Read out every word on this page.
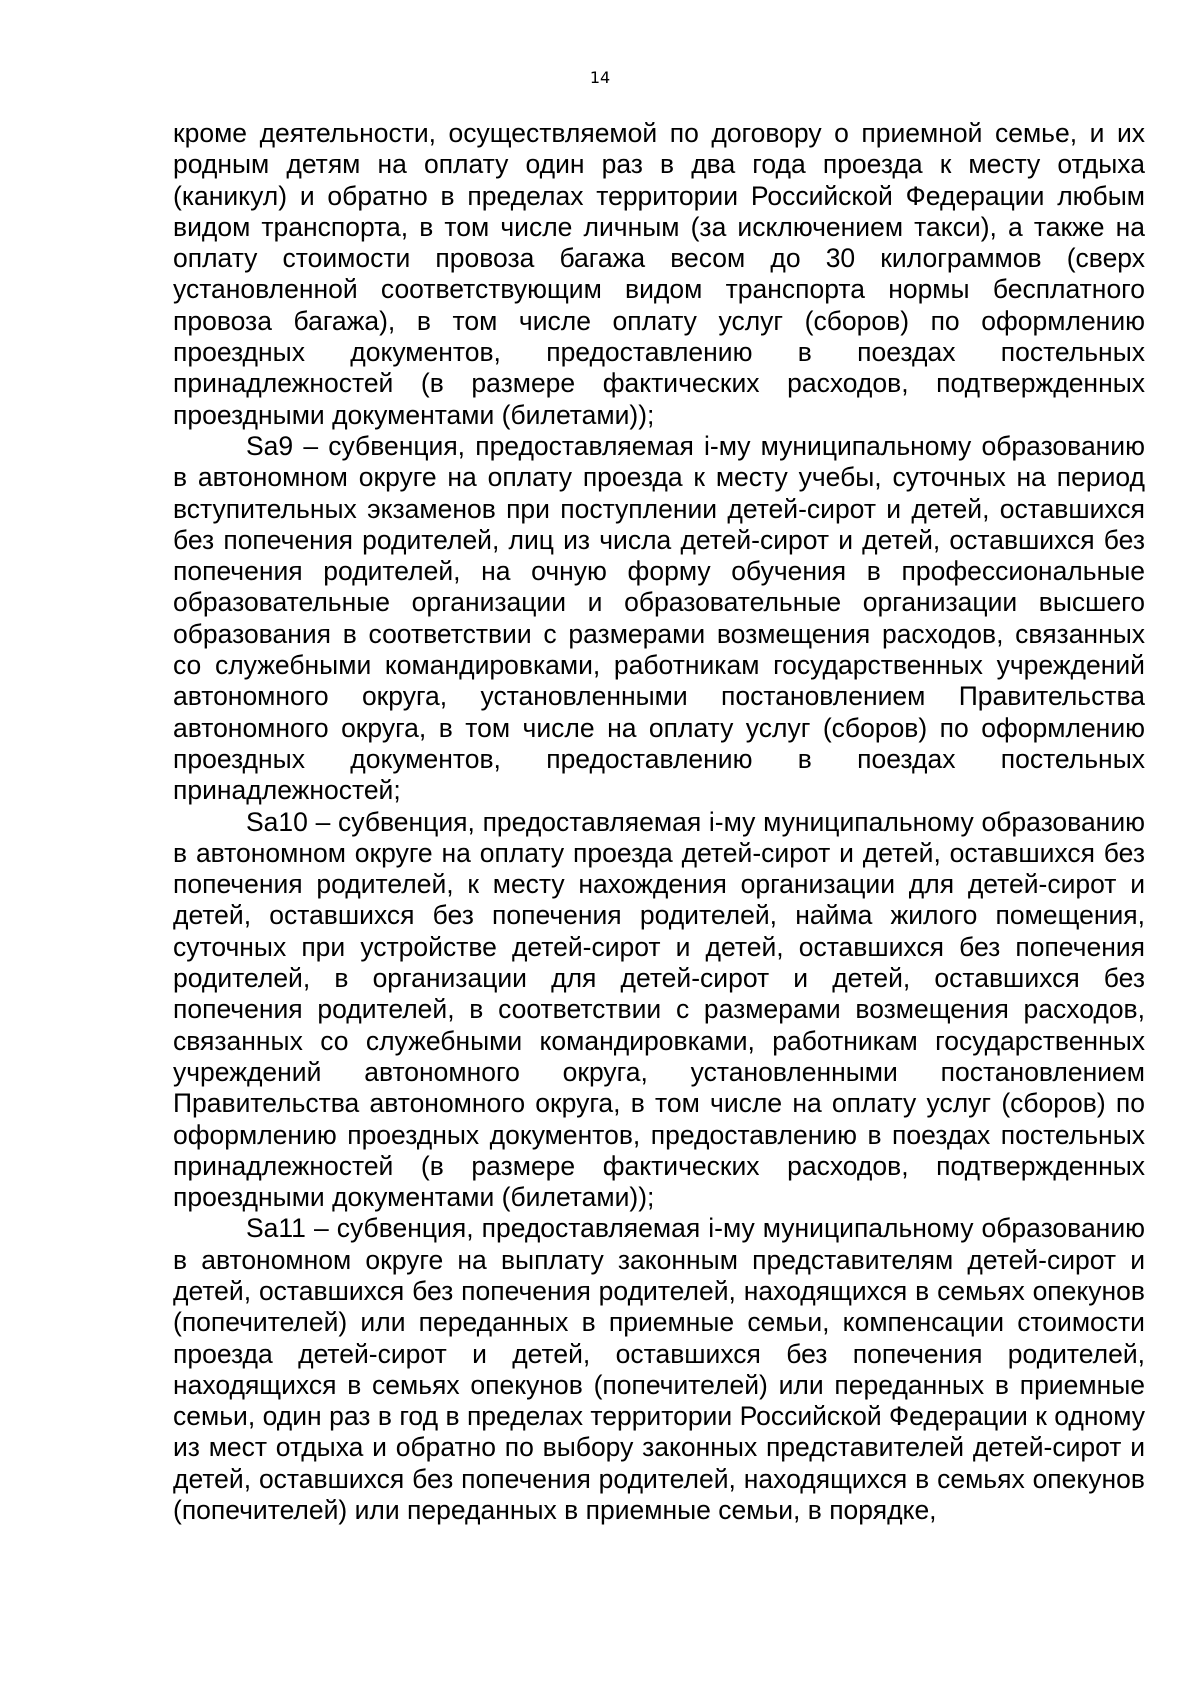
14

кроме деятельности, осуществляемой по договору о приемной семье, и их родным детям на оплату один раз в два года проезда к месту отдыха (каникул) и обратно в пределах территории Российской Федерации любым видом транспорта, в том числе личным (за исключением такси), а также на оплату стоимости провоза багажа весом до 30 килограммов (сверх установленной соответствующим видом транспорта нормы бесплатного провоза багажа), в том числе оплату услуг (сборов) по оформлению проездных документов, предоставлению в поездах постельных принадлежностей (в размере фактических расходов, подтвержденных проездными документами (билетами));

Sa9 – субвенция, предоставляемая i-му муниципальному образованию в автономном округе на оплату проезда к месту учебы, суточных на период вступительных экзаменов при поступлении детей-сирот и детей, оставшихся без попечения родителей, лиц из числа детей-сирот и детей, оставшихся без попечения родителей, на очную форму обучения в профессиональные образовательные организации и образовательные организации высшего образования в соответствии с размерами возмещения расходов, связанных со служебными командировками, работникам государственных учреждений автономного округа, установленными постановлением Правительства автономного округа, в том числе на оплату услуг (сборов) по оформлению проездных документов, предоставлению в поездах постельных принадлежностей;

Sa10 – субвенция, предоставляемая i-му муниципальному образованию в автономном округе на оплату проезда детей-сирот и детей, оставшихся без попечения родителей, к месту нахождения организации для детей-сирот и детей, оставшихся без попечения родителей, найма жилого помещения, суточных при устройстве детей-сирот и детей, оставшихся без попечения родителей, в организации для детей-сирот и детей, оставшихся без попечения родителей, в соответствии с размерами возмещения расходов, связанных со служебными командировками, работникам государственных учреждений автономного округа, установленными постановлением Правительства автономного округа, в том числе на оплату услуг (сборов) по оформлению проездных документов, предоставлению в поездах постельных принадлежностей (в размере фактических расходов, подтвержденных проездными документами (билетами));

Sa11 – субвенция, предоставляемая i-му муниципальному образованию в автономном округе на выплату законным представителям детей-сирот и детей, оставшихся без попечения родителей, находящихся в семьях опекунов (попечителей) или переданных в приемные семьи, компенсации стоимости проезда детей-сирот и детей, оставшихся без попечения родителей, находящихся в семьях опекунов (попечителей) или переданных в приемные семьи, один раз в год в пределах территории Российской Федерации к одному из мест отдыха и обратно по выбору законных представителей детей-сирот и детей, оставшихся без попечения родителей, находящихся в семьях опекунов (попечителей) или переданных в приемные семьи, в порядке,
